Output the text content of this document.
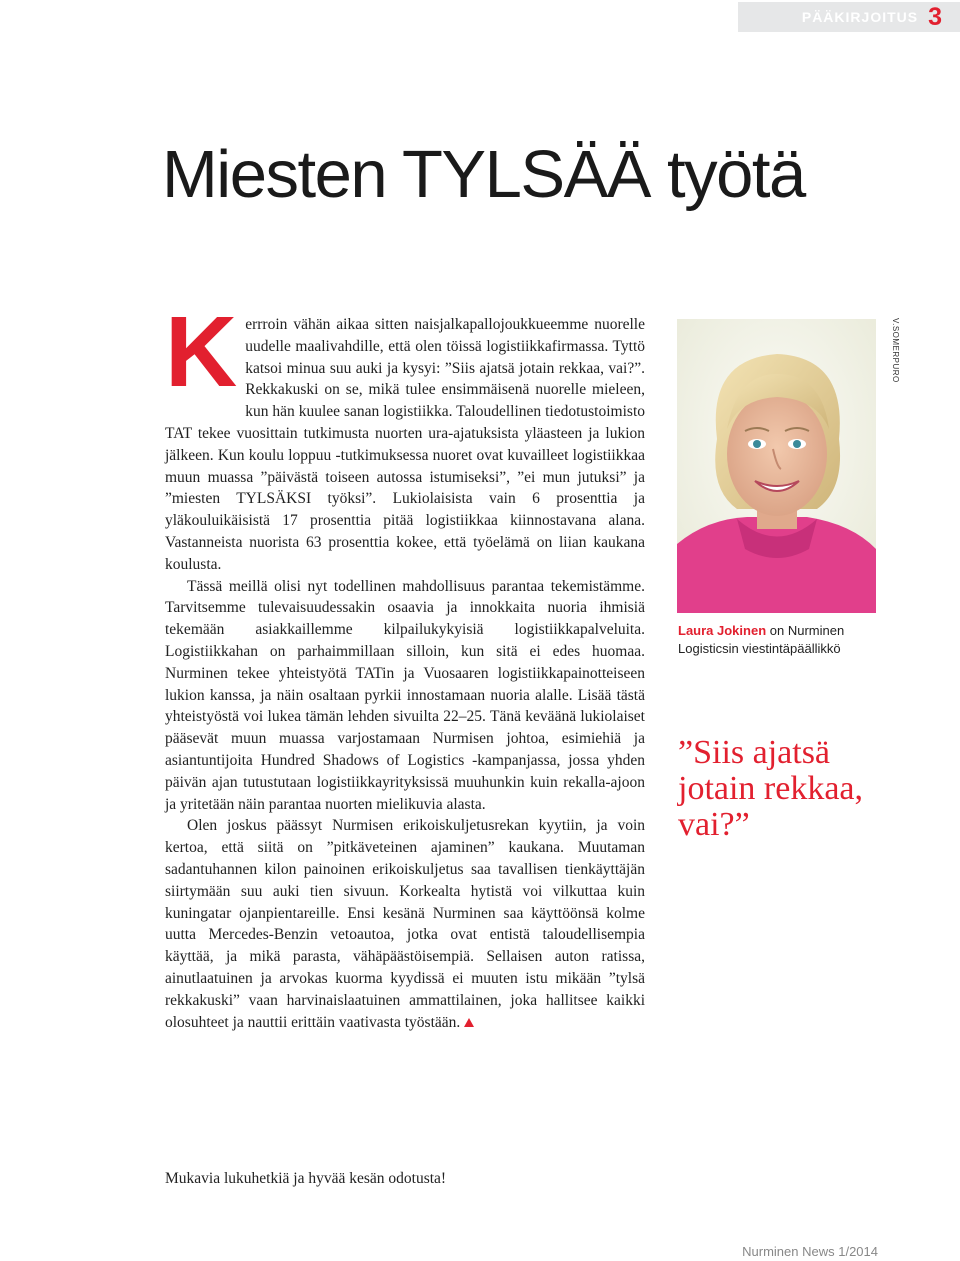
PÄÄKIRJOITUS 3
Miesten TYLSÄÄ työtä

Kerrroin vähän aikaa sitten naisjalkapallojoukkueemme nuorelle uudelle maalivahdille, että olen töissä logistiikkafirmassa. Tyttö katsoi minua suu auki ja kysyi: ”Siis ajatsä jotain rekkaa, vai?”. Rekkakuski on se, mikä tulee ensimmäisenä nuorelle mieleen, kun hän kuulee sanan logistiikka. Taloudellinen tiedotustoimisto TAT tekee vuosittain tutkimusta nuorten ura-ajatuksista yläasteen ja lukion jälkeen. Kun koulu loppuu -tutkimuksessa nuoret ovat kuvailleet logistiikkaa muun muassa ”päivästä toiseen autossa istumiseksi”, ”ei mun jutuksi” ja ”miesten TYLSÄKSI työksi”. Lukiolaisista vain 6 prosenttia ja yläkouluikäisistä 17 prosenttia pitää logistiikkaa kiinnostavana alana. Vastanneista nuorista 63 prosenttia kokee, että työelämä on liian kaukana koulusta.

Tässä meillä olisi nyt todellinen mahdollisuus parantaa tekemistämme. Tarvitsemme tulevaisuudessakin osaavia ja innokkaita nuoria ihmisiä tekemään asiakkaillemme kilpailukykyisiä logistiikkapalveluita. Logistiikkahan on parhaimmillaan silloin, kun sitä ei edes huomaa. Nurminen tekee yhteistyötä TATin ja Vuosaaren logistiikkapainotteiseen lukion kanssa, ja näin osaltaan pyrkii innostamaan nuoria alalle. Lisää tästä yhteistyöstä voi lukea tämän lehden sivuilta 22–25. Tänä keväänä lukiolaiset pääsevät muun muassa varjostamaan Nurmisen johtoa, esimiehiä ja asiantuntijoita Hundred Shadows of Logistics -kampanjassa, jossa yhden päivän ajan tutustutaan logistiikkayrityksissä muuhunkin kuin rekalla-ajoon ja yritetään näin parantaa nuorten mielikuvia alasta.

Olen joskus päässyt Nurmisen erikoiskuljetusrekan kyytiin, ja voin kertoa, että siitä on ”pitkäveteinen ajaminen” kaukana. Muutaman sadantuhannen kilon painoinen erikoiskuljetus saa tavallisen tienkäyttäjän siirtymään suu auki tien sivuun. Korkealta hytistä voi vilkuttaa kuin kuningatar ojanpientareille. Ensi kesänä Nurminen saa käyttöönsä kolme uutta Mercedes-Benzin vetoautoa, jotka ovat entistä taloudellisempia käyttää, ja mikä parasta, vähäpäästöisempiä. Sellaisen auton ratissa, ainutlaatuinen ja arvokas kuorma kyydissä ei muuten istu mikään ”tylsä rekkakuski” vaan harvinaislaatuinen ammattilainen, joka hallitsee kaikki olosuhteet ja nauttii erittäin vaativasta työstään.

Mukavia lukuhetkiä ja hyvää kesän odotusta!

V.SOMERPURO
Laura Jokinen on Nurminen Logisticsin viestintäpäällikkö
”Siis ajatsä jotain rekkaa, vai?”
Nurminen News 1/2014
